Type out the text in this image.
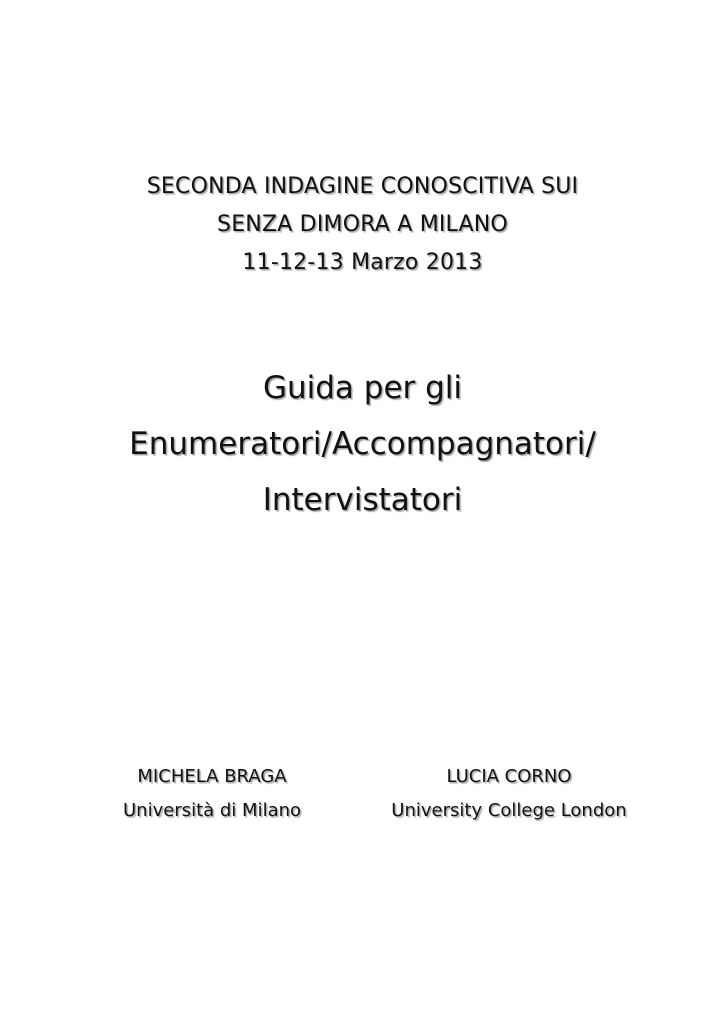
SECONDA INDAGINE CONOSCITIVA SUI
SENZA DIMORA A MILANO
11-12-13 Marzo 2013
Guida per gli
Enumeratori/Accompagnatori/
Intervistatori
MICHELA BRAGA
Università di Milano
LUCIA CORNO
University College London
